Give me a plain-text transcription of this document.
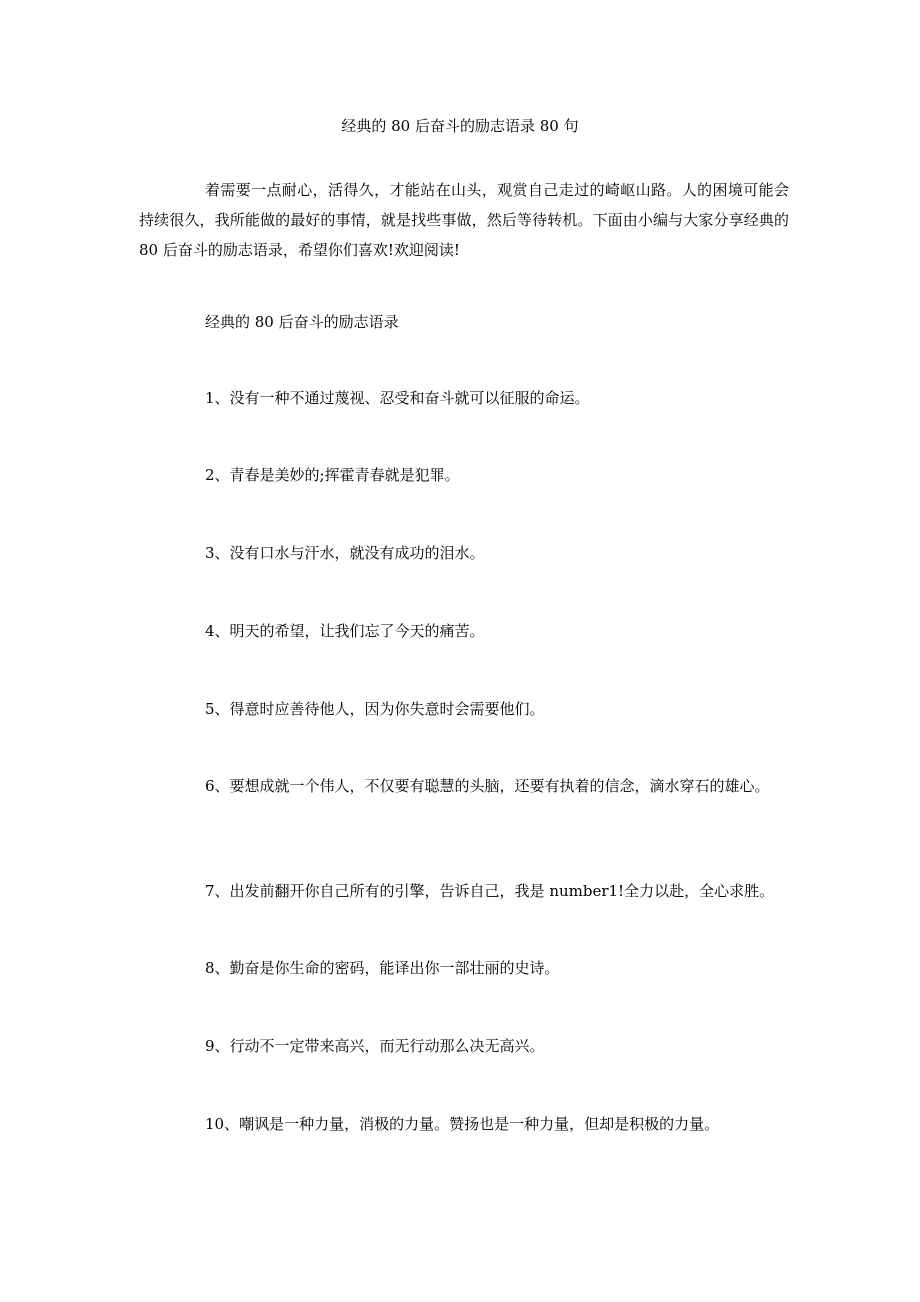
经典的 80 后奋斗的励志语录 80 句

着需要一点耐心，活得久，才能站在山头，观赏自己走过的崎岖山路。人的困境可能会持续很久，我所能做的最好的事情，就是找些事做，然后等待转机。下面由小编与大家分享经典的 80 后奋斗的励志语录，希望你们喜欢!欢迎阅读!

经典的 80 后奋斗的励志语录

1、没有一种不通过蔑视、忍受和奋斗就可以征服的命运。

2、青春是美妙的;挥霍青春就是犯罪。

3、没有口水与汗水，就没有成功的泪水。

4、明天的希望，让我们忘了今天的痛苦。

5、得意时应善待他人，因为你失意时会需要他们。

6、要想成就一个伟人，不仅要有聪慧的头脑，还要有执着的信念，滴水穿石的雄心。

7、出发前翻开你自己所有的引擎，告诉自己，我是 number1!全力以赴，全心求胜。

8、勤奋是你生命的密码，能译出你一部壮丽的史诗。

9、行动不一定带来高兴，而无行动那么决无高兴。

10、嘲讽是一种力量，消极的力量。赞扬也是一种力量，但却是积极的力量。
